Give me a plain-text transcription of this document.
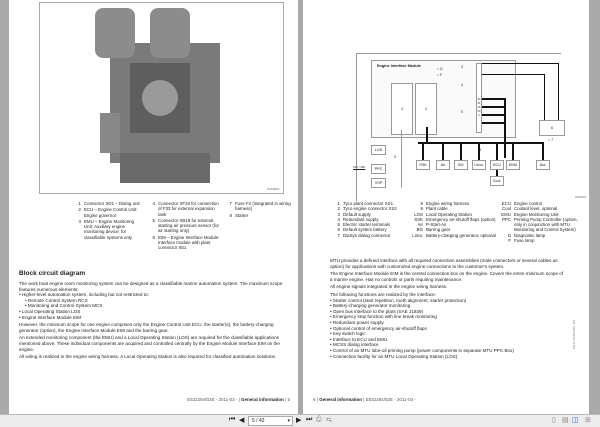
0160003
1 Connector XD1 – Dialog unit
2 ECU – Engine Control Unit: Engine governor
3 EMU – Engine Monitoring Unit: Auxiliary engine monitoring device; for classifiable systems only
4 Connector XF33 for connection of F33 for external expansion tank
5 Connector XB19 for external starting air pressure sensor (for air starting only)
6 EIM – Engine Interface Module: Interface module with plant connector X51
7 Fuse F2 (integrated in wiring harness)
8 Starter
Block circuit diagram

The work boat engine room monitoring system can be designed as a classifiable marine automation system. The maximum scope features numerous elements:

• Higher-level automation system, including but not restricted to:
• Remote Control System RCS
• Monitoring and Control System MCS
• Local Operating Station LOS
• Engine Interface Module EIM

However, the minimum scope for one engine comprises only the Engine Control Unit ECU, the starter(s), the battery-charging generator (option), the Engine Interface Module EIM and the barring gear.

An extended monitoring component (the EMU) and a Local Operating Station (LOS) are required for the classifiable applications mentioned above. These individual components are acquired and controlled centrally by the Engine Module Interface EIM on the engine.

All wiring is realized in the engine wiring harness. A Local Operating Station is also required for classified automation solutions.

E532284/02E - 2011-03 - | General information | 5
Engine Interface Module
○ D
○ F
1	2
30
31
15
50
C
3
4
5
6
○ 7
9
LOS
PPC
VSP
24V / 48V	SSK	Air	BG	Lima.	ECU	EMU	Act.
Cool.
0160004
1 Tyco plant connector XS1
2 Tyco engine connector XS2
3 Default supply
4 Redundant supply
5 Electric starter terminals
6 Default system battery
7 DiaSys dialog connector
8 Engine wiring harness
9 Plant cable
LOS Local Operating Station
SSK Emergency air-shutoff flaps (option)
Air P-Start-Air
BG Barring gear
Lima. Battery-charging generator, optional
ECU Engine control
Cool Coolant level, optional
EMU Engine Monitoring Unit
PPC Priming Pump Controller (option, only in conjunction with MTU Monitoring and Control System)
D Diagnostic lamp
F Fuse lamp

MTU provides a defined interface with all required connection assemblies (male connectors or several cables as option) for applications with customized engine connections to the customer's system.

The Engine Interface Module EIM is the central connection box on the engine. Covers the entire minimum scope of a marine engine. Has no controls or parts requiring maintenance.

All engine signals integrated in the engine wiring harness.

The following functions are realized by the interface:

• Starter control (start repetition, tooth alignment, starter protection)
• Battery-charging generator monitoring
• Open bus interface to the plant (SAE J1939)
• Emergency stop function with line break monitoring
• Redundant power supply
• Optional control of emergency air-shutoff flaps
• Key switch logic
• Interface to ECU and EMU
• MCSS dialog interface
• Control of an MTU lube-oil priming pump (power components in separate MTU PPC Box)
• Connection facility for an MTU Local Operating Station (LOS)
TIM-ID: 0000000366 - 004
6 | General information | E532284/02E - 2011-03 -
⏮ ◀	5 / 42	▾ ▶ ⏭ ⎙ ⇆	▯ ▤ ◫ ⊞
